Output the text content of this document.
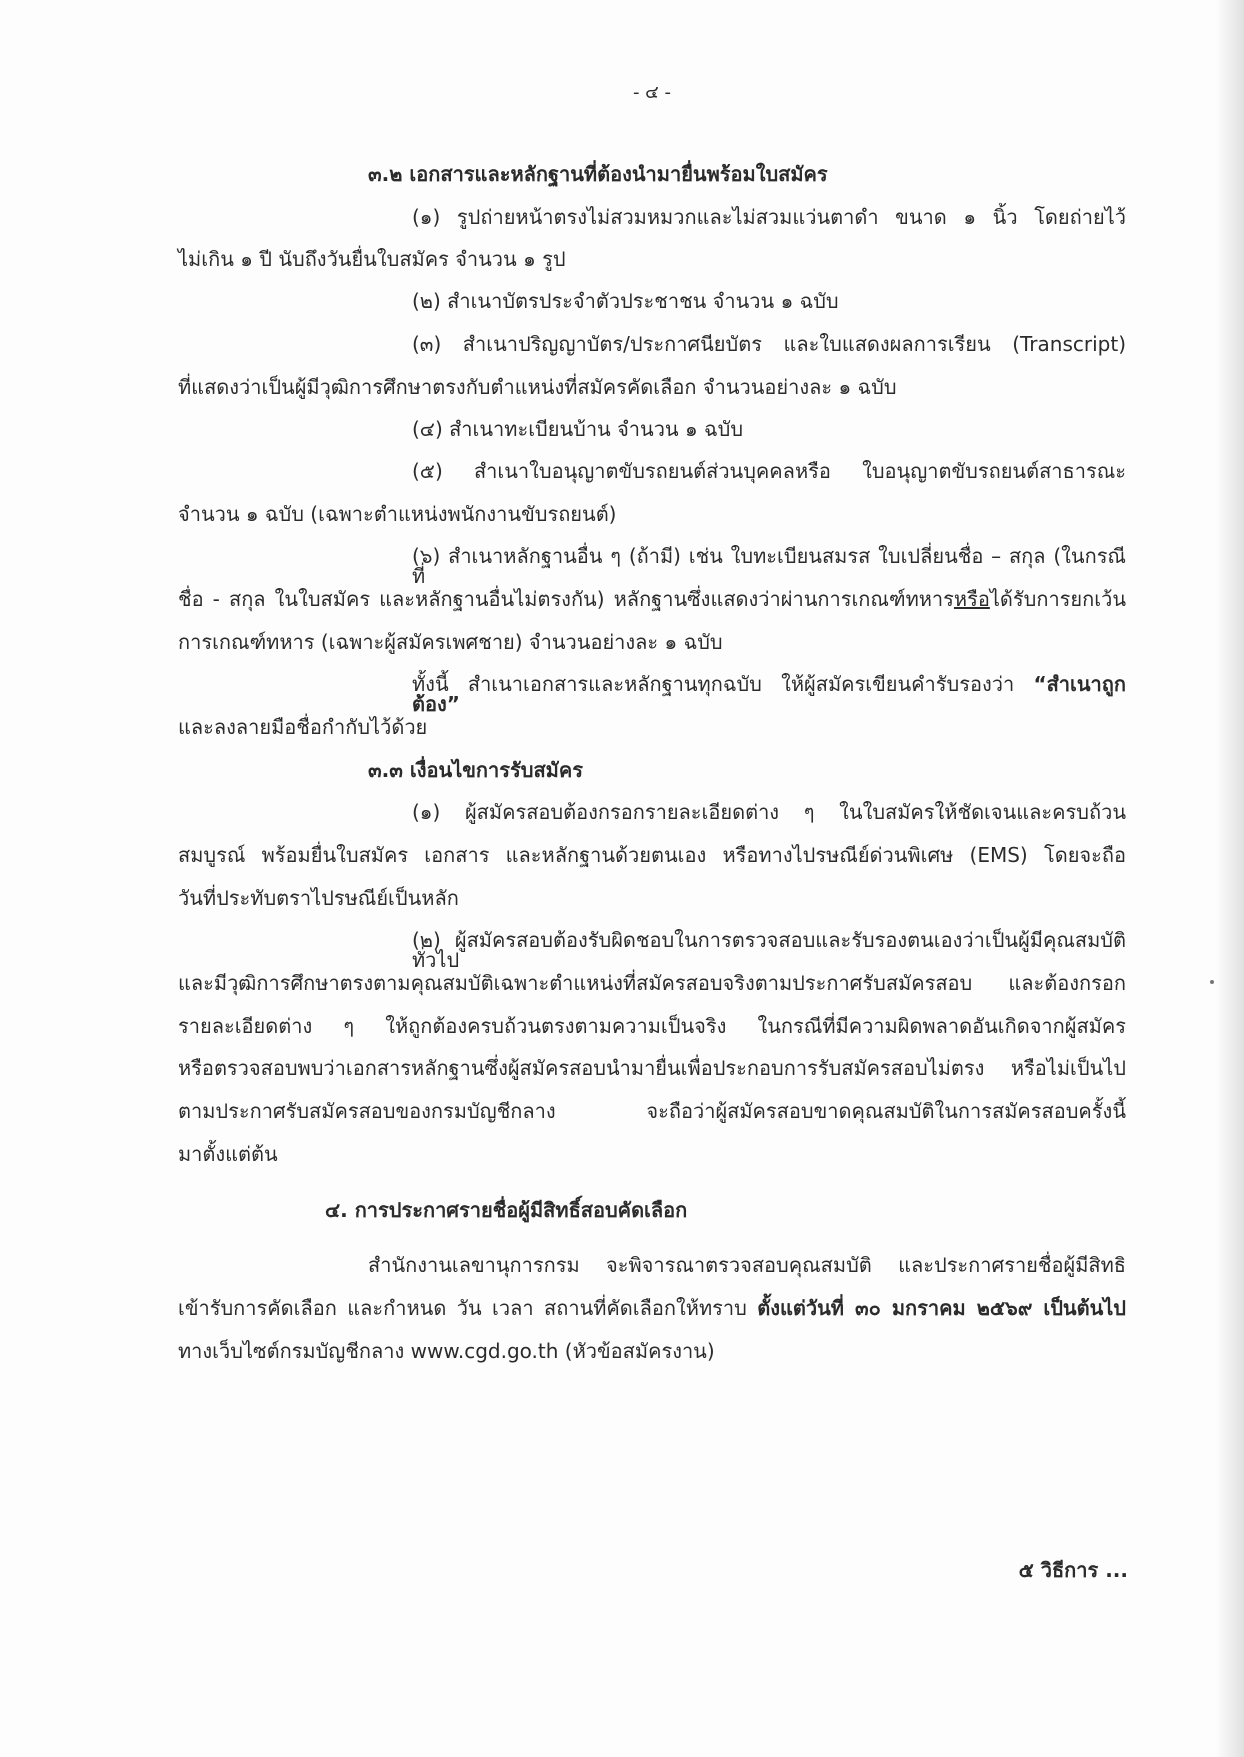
- ๔ -
๓.๒ เอกสารและหลักฐานที่ต้องนำมายื่นพร้อมใบสมัคร
(๑) รูปถ่ายหน้าตรงไม่สวมหมวกและไม่สวมแว่นตาดำ ขนาด ๑ นิ้ว โดยถ่ายไว้
ไม่เกิน ๑ ปี นับถึงวันยื่นใบสมัคร จำนวน ๑ รูป
(๒) สำเนาบัตรประจำตัวประชาชน จำนวน ๑ ฉบับ
(๓) สำเนาปริญญาบัตร/ประกาศนียบัตร และใบแสดงผลการเรียน (Transcript)
ที่แสดงว่าเป็นผู้มีวุฒิการศึกษาตรงกับตำแหน่งที่สมัครคัดเลือก จำนวนอย่างละ ๑ ฉบับ
(๔) สำเนาทะเบียนบ้าน จำนวน ๑ ฉบับ
(๕) สำเนาใบอนุญาตขับรถยนต์ส่วนบุคคลหรือ ใบอนุญาตขับรถยนต์สาธารณะ
จำนวน ๑ ฉบับ (เฉพาะตำแหน่งพนักงานขับรถยนต์)
(๖) สำเนาหลักฐานอื่น ๆ (ถ้ามี) เช่น ใบทะเบียนสมรส ใบเปลี่ยนชื่อ – สกุล (ในกรณีที่
ชื่อ - สกุล ในใบสมัคร และหลักฐานอื่นไม่ตรงกัน) หลักฐานซึ่งแสดงว่าผ่านการเกณฑ์ทหารหรือได้รับการยกเว้น
การเกณฑ์ทหาร (เฉพาะผู้สมัครเพศชาย) จำนวนอย่างละ ๑ ฉบับ
ทั้งนี้ สำเนาเอกสารและหลักฐานทุกฉบับ ให้ผู้สมัครเขียนคำรับรองว่า “สำเนาถูกต้อง”
และลงลายมือชื่อกำกับไว้ด้วย
๓.๓ เงื่อนไขการรับสมัคร
(๑) ผู้สมัครสอบต้องกรอกรายละเอียดต่าง ๆ ในใบสมัครให้ชัดเจนและครบถ้วน
สมบูรณ์ พร้อมยื่นใบสมัคร เอกสาร และหลักฐานด้วยตนเอง หรือทางไปรษณีย์ด่วนพิเศษ (EMS) โดยจะถือ
วันที่ประทับตราไปรษณีย์เป็นหลัก
(๒) ผู้สมัครสอบต้องรับผิดชอบในการตรวจสอบและรับรองตนเองว่าเป็นผู้มีคุณสมบัติทั่วไป
และมีวุฒิการศึกษาตรงตามคุณสมบัติเฉพาะตำแหน่งที่สมัครสอบจริงตามประกาศรับสมัครสอบ และต้องกรอก
รายละเอียดต่าง ๆ ให้ถูกต้องครบถ้วนตรงตามความเป็นจริง ในกรณีที่มีความผิดพลาดอันเกิดจากผู้สมัคร
หรือตรวจสอบพบว่าเอกสารหลักฐานซึ่งผู้สมัครสอบนำมายื่นเพื่อประกอบการรับสมัครสอบไม่ตรง หรือไม่เป็นไป
ตามประกาศรับสมัครสอบของกรมบัญชีกลาง จะถือว่าผู้สมัครสอบขาดคุณสมบัติในการสมัครสอบครั้งนี้
มาตั้งแต่ต้น
๔. การประกาศรายชื่อผู้มีสิทธิ์สอบคัดเลือก
สำนักงานเลขานุการกรม จะพิจารณาตรวจสอบคุณสมบัติ และประกาศรายชื่อผู้มีสิทธิ
เข้ารับการคัดเลือก และกำหนด วัน เวลา สถานที่คัดเลือกให้ทราบ ตั้งแต่วันที่ ๓๐ มกราคม ๒๕๖๙ เป็นต้นไป
ทางเว็บไซต์กรมบัญชีกลาง www.cgd.go.th (หัวข้อสมัครงาน)
๕ วิธีการ ...
